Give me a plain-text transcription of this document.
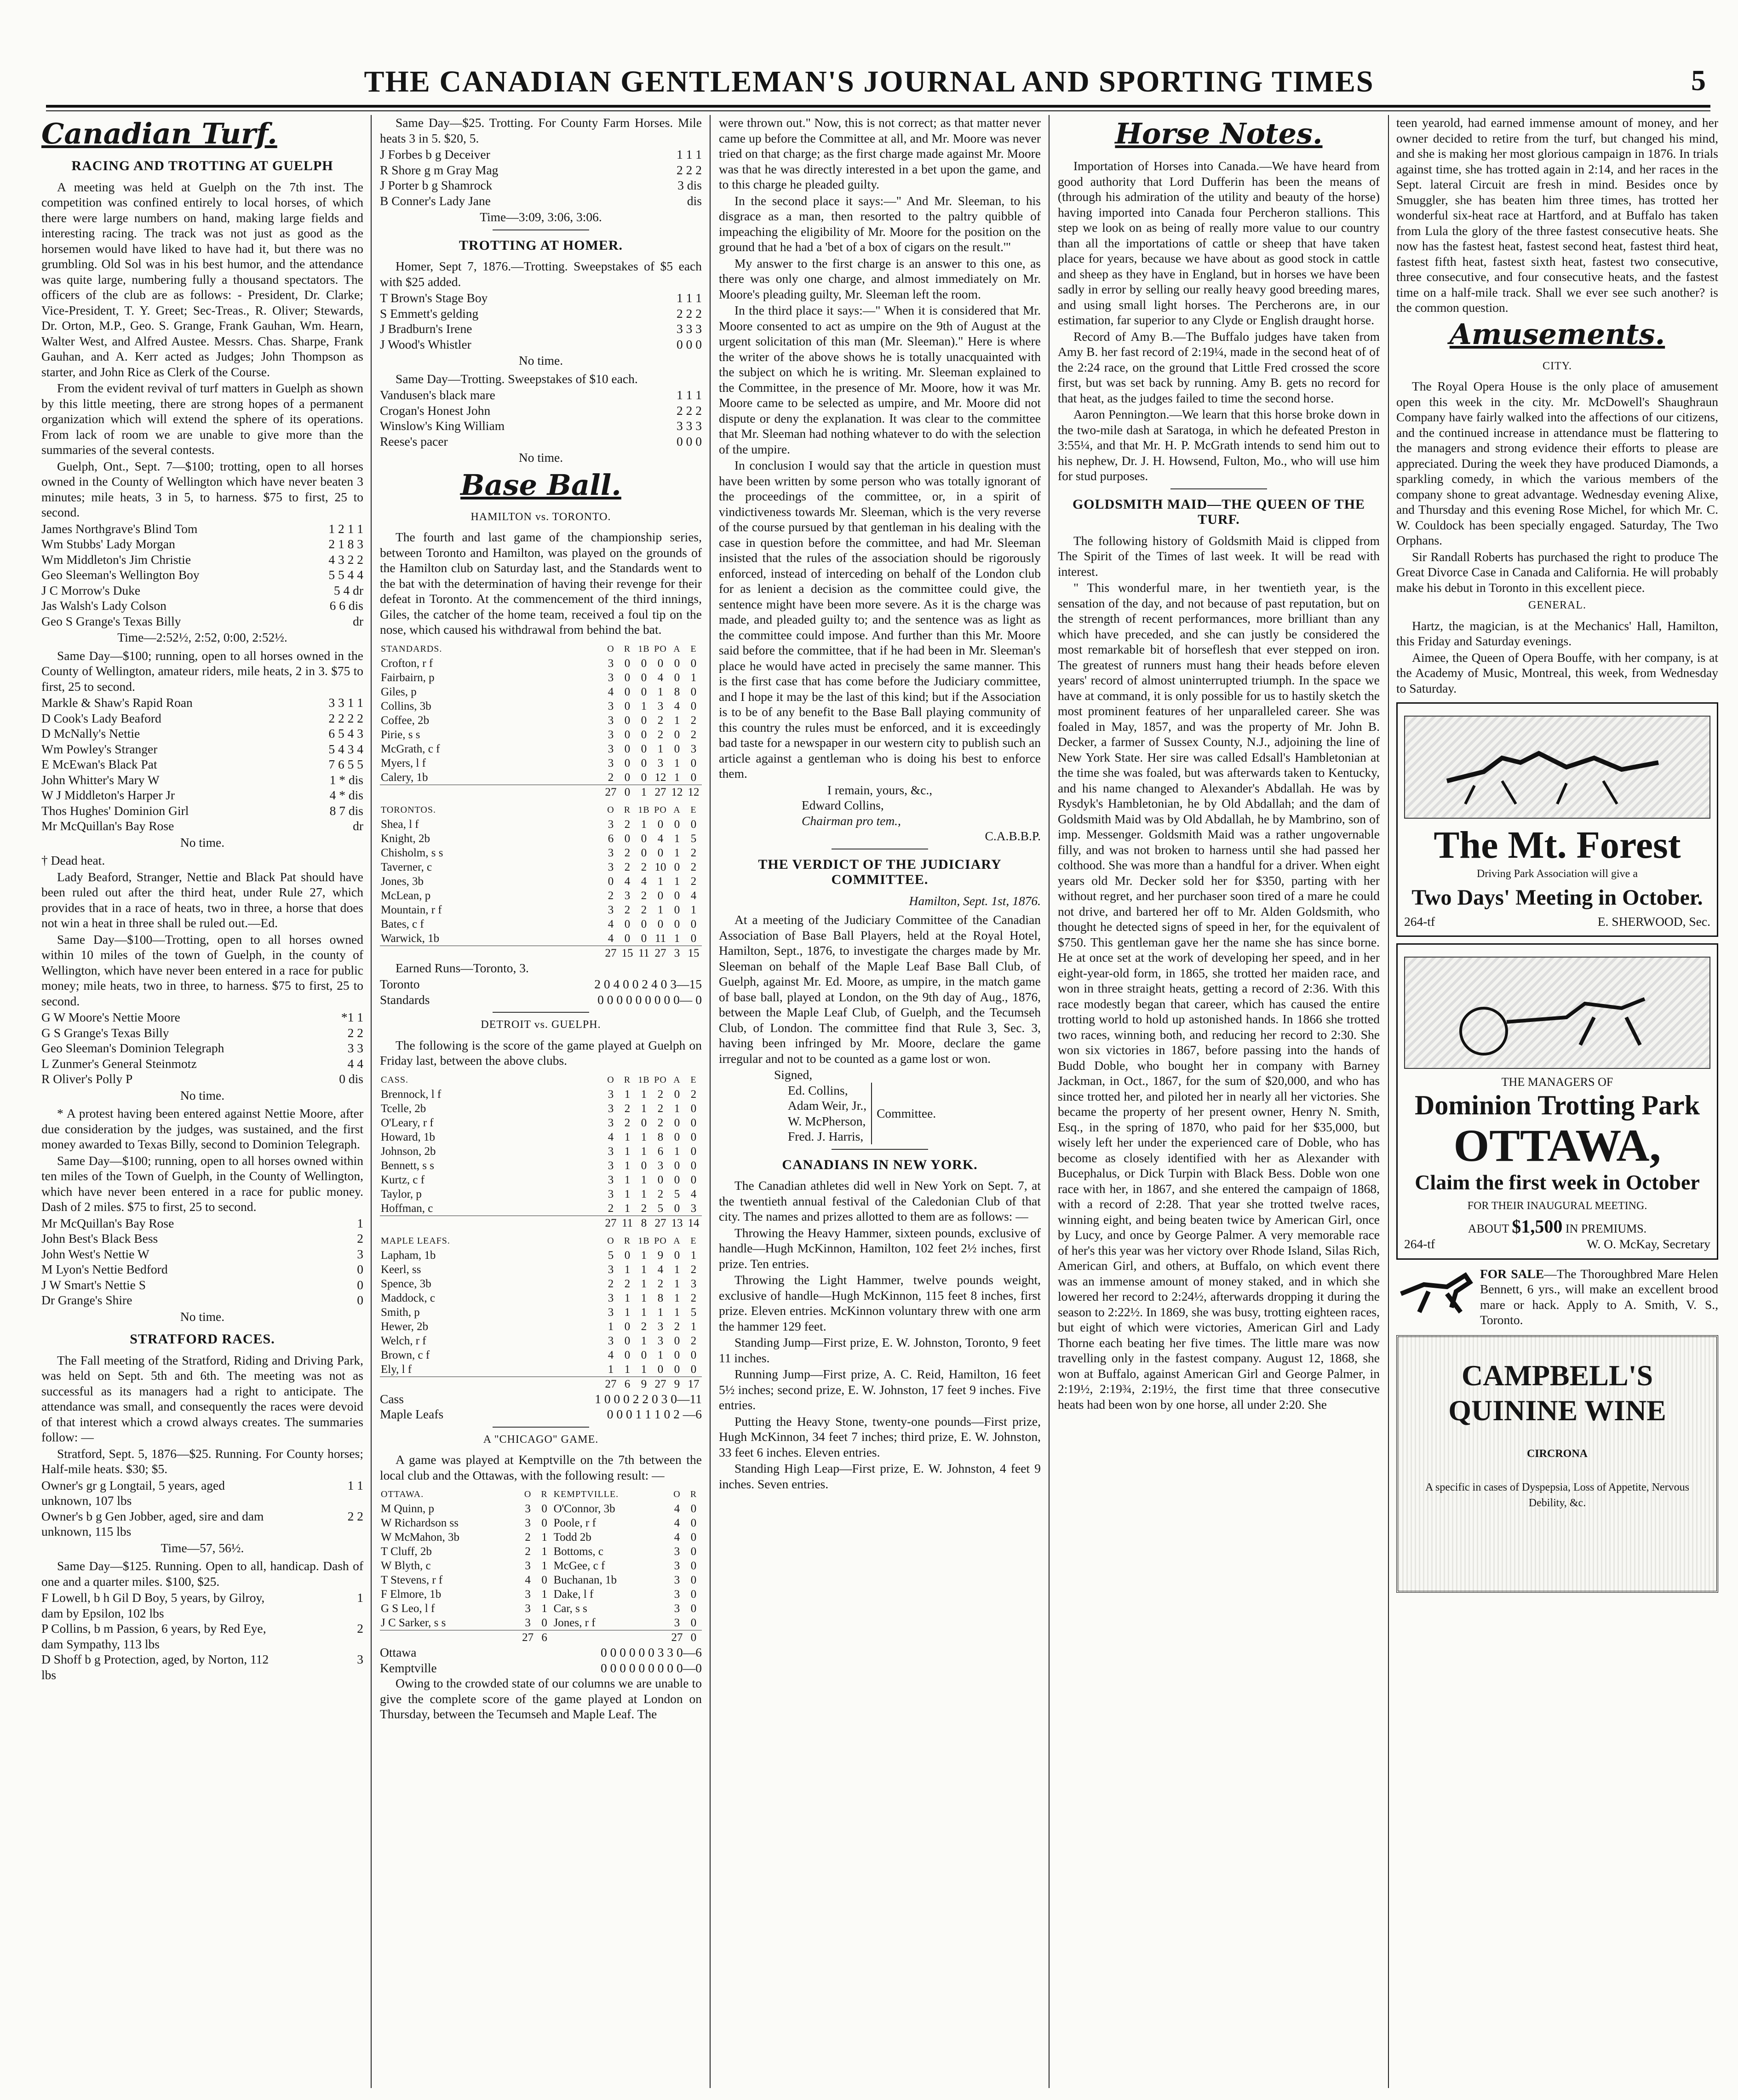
THE CANADIAN GENTLEMAN'S JOURNAL AND SPORTING TIMES	5
Canadian Turf.
RACING AND TROTTING AT GUELPH

A meeting was held at Guelph on the 7th inst. The competition was confined entirely to local horses, of which there were large numbers on hand, making large fields and interesting racing. The track was not just as good as the horsemen would have liked to have had it, but there was no grumbling. Old Sol was in his best humor, and the attendance was quite large, numbering fully a thousand spectators. The officers of the club are as follows: - President, Dr. Clarke; Vice-President, T. Y. Greet; Sec-Treas., R. Oliver; Stewards, Dr. Orton, M.P., Geo. S. Grange, Frank Gauhan, Wm. Hearn, Walter West, and Alfred Austee. Messrs. Chas. Sharpe, Frank Gauhan, and A. Kerr acted as Judges; John Thompson as starter, and John Rice as Clerk of the Course.

From the evident revival of turf matters in Guelph as shown by this little meeting, there are strong hopes of a permanent organization which will extend the sphere of its operations. From lack of room we are unable to give more than the summaries of the several contests.

Guelph, Ont., Sept. 7—$100; trotting, open to all horses owned in the County of Wellington which have never beaten 3 minutes; mile heats, 3 in 5, to harness. $75 to first, 25 to second.

James Northgrave's Blind Tom	1 2 1 1
Wm Stubbs' Lady Morgan	2 1 8 3
Wm Middleton's Jim Christie	4 3 2 2
Geo Sleeman's Wellington Boy	5 5 4 4
J C Morrow's Duke	5 4 dr
Jas Walsh's Lady Colson	6 6 dis
Geo S Grange's Texas Billy	dr
Time—2:52½, 2:52, 0:00, 2:52½.

Same Day—$100; running, open to all horses owned in the County of Wellington, amateur riders, mile heats, 2 in 3. $75 to first, 25 to second.

Markle & Shaw's Rapid Roan	3 3 1 1
D Cook's Lady Beaford	2 2 2 2
D McNally's Nettie	6 5 4 3
Wm Powley's Stranger	5 4 3 4
E McEwan's Black Pat	7 6 5 5
John Whitter's Mary W	1 * dis
W J Middleton's Harper Jr	4 * dis
Thos Hughes' Dominion Girl	8 7 dis
Mr McQuillan's Bay Rose	dr
No time.

† Dead heat.

Lady Beaford, Stranger, Nettie and Black Pat should have been ruled out after the third heat, under Rule 27, which provides that in a race of heats, two in three, a horse that does not win a heat in three shall be ruled out.—Ed.

Same Day—$100—Trotting, open to all horses owned within 10 miles of the town of Guelph, in the county of Wellington, which have never been entered in a race for public money; mile heats, two in three, to harness. $75 to first, 25 to second.

G W Moore's Nettie Moore	*1 1
G S Grange's Texas Billy	2 2
Geo Sleeman's Dominion Telegraph	3 3
L Zunmer's General Steinmotz	4 4
R Oliver's Polly P	0 dis
No time.

* A protest having been entered against Nettie Moore, after due consideration by the judges, was sustained, and the first money awarded to Texas Billy, second to Dominion Telegraph.

Same Day—$100; running, open to all horses owned within ten miles of the Town of Guelph, in the County of Wellington, which have never been entered in a race for public money. Dash of 2 miles. $75 to first, 25 to second.

Mr McQuillan's Bay Rose	1
John Best's Black Bess	2
John West's Nettie W	3
M Lyon's Nettie Bedford	0
J W Smart's Nettie S	0
Dr Grange's Shire	0
No time.
STRATFORD RACES.

The Fall meeting of the Stratford, Riding and Driving Park, was held on Sept. 5th and 6th. The meeting was not as successful as its managers had a right to anticipate. The attendance was small, and consequently the races were devoid of that interest which a crowd always creates. The summaries follow: —

Stratford, Sept. 5, 1876—$25. Running. For County horses; Half-mile heats. $30; $5.

Owner's gr g Longtail, 5 years, aged	1 1
unknown, 107 lbs
Owner's b g Gen Jobber, aged, sire and dam	2 2
unknown, 115 lbs
Time—57, 56½.

Same Day—$125. Running. Open to all, handicap. Dash of one and a quarter miles. $100, $25.

F Lowell, b h Gil D Boy, 5 years, by Gilroy,	1
dam by Epsilon, 102 lbs
P Collins, b m Passion, 6 years, by Red Eye,	2
dam Sympathy, 113 lbs
D Shoff b g Protection, aged, by Norton, 112	3
lbs

Same Day—$25. Trotting. For County Farm Horses. Mile heats 3 in 5. $20, 5.

J Forbes b g Deceiver	1 1 1
R Shore g m Gray Mag	2 2 2
J Porter b g Shamrock	3 dis
B Conner's Lady Jane	dis
Time—3:09, 3:06, 3:06.
TROTTING AT HOMER.

Homer, Sept 7, 1876.—Trotting. Sweepstakes of $5 each with $25 added.

T Brown's Stage Boy	1 1 1
S Emmett's gelding	2 2 2
J Bradburn's Irene	3 3 3
J Wood's Whistler	0 0 0
No time.

Same Day—Trotting. Sweepstakes of $10 each.

Vandusen's black mare	1 1 1
Crogan's Honest John	2 2 2
Winslow's King William	3 3 3
Reese's pacer	0 0 0
No time.
Base Ball.
HAMILTON vs. TORONTO.

The fourth and last game of the championship series, between Toronto and Hamilton, was played on the grounds of the Hamilton club on Saturday last, and the Standards went to the bat with the determination of having their revenge for their defeat in Toronto. At the commencement of the third innings, Giles, the catcher of the home team, received a foul tip on the nose, which caused his withdrawal from behind the bat.

STANDARDS.	O	R	1B	PO	A	E
Crofton, r f	3	0	0	0	0	0
Fairbairn, p	3	0	0	4	0	1
Giles, p	4	0	0	1	8	0
Collins, 3b	3	0	1	3	4	0
Coffee, 2b	3	0	0	2	1	2
Pirie, s s	3	0	0	2	0	2
McGrath, c f	3	0	0	1	0	3
Myers, l f	3	0	0	3	1	0
Calery, 1b	2	0	0	12	1	0
	27	0	1	27	12	12
TORONTOS.	O	R	1B	PO	A	E
Shea, l f	3	2	1	0	0	0
Knight, 2b	6	0	0	4	1	5
Chisholm, s s	3	2	0	0	1	2
Taverner, c	3	2	2	10	0	2
Jones, 3b	0	4	4	1	1	2
McLean, p	2	3	2	0	0	4
Mountain, r f	3	2	2	1	0	1
Bates, c f	4	0	0	0	0	0
Warwick, 1b	4	0	0	11	1	0
	27	15	11	27	3	15

Earned Runs—Toronto, 3.

Toronto	2 0 4 0 0 2 4 0 3—15
Standards	0 0 0 0 0 0 0 0 0— 0
DETROIT vs. GUELPH.

The following is the score of the game played at Guelph on Friday last, between the above clubs.

CASS.	O	R	1B	PO	A	E
Brennock, l f	3	1	1	2	0	2
Tcelle, 2b	3	2	1	2	1	0
O'Leary, r f	3	2	0	2	0	0
Howard, 1b	4	1	1	8	0	0
Johnson, 2b	3	1	1	6	1	0
Bennett, s s	3	1	0	3	0	0
Kurtz, c f	3	1	1	0	0	0
Taylor, p	3	1	1	2	5	4
Hoffman, c	2	1	2	5	0	3
	27	11	8	27	13	14
MAPLE LEAFS.	O	R	1B	PO	A	E
Lapham, 1b	5	0	1	9	0	1
Keerl, ss	3	1	1	4	1	2
Spence, 3b	2	2	1	2	1	3
Maddock, c	3	1	1	8	1	2
Smith, p	3	1	1	1	1	5
Hewer, 2b	1	0	2	3	2	1
Welch, r f	3	0	1	3	0	2
Brown, c f	4	0	0	1	0	0
Ely, l f	1	1	1	0	0	0
	27	6	9	27	9	17
Cass	1 0 0 0 2 2 0 3 0—11
Maple Leafs	0 0 0 1 1 1 0 2 —6
A "CHICAGO" GAME.

A game was played at Kemptville on the 7th between the local club and the Ottawas, with the following result: —

OTTAWA.	O	R	KEMPTVILLE.	O	R
M Quinn, p	3	0	O'Connor, 3b	4	0
W Richardson ss	3	0	Poole, r f	4	0
W McMahon, 3b	2	1	Todd 2b	4	0
T Cluff, 2b	2	1	Bottoms, c	3	0
W Blyth, c	3	1	McGee, c f	3	0
T Stevens, r f	4	0	Buchanan, 1b	3	0
F Elmore, 1b	3	1	Dake, l f	3	0
G S Leo, l f	3	1	Car, s s	3	0
J C Sarker, s s	3	0	Jones, r f	3	0
	27	6		27	0
Ottawa	0 0 0 0 0 0 3 3 0—6
Kemptville	0 0 0 0 0 0 0 0 0—0

Owing to the crowded state of our columns we are unable to give the complete score of the game played at London on Thursday, between the Tecumseh and Maple Leaf. The

were thrown out." Now, this is not correct; as that matter never came up before the Committee at all, and Mr. Moore was never tried on that charge; as the first charge made against Mr. Moore was that he was directly interested in a bet upon the game, and to this charge he pleaded guilty.

In the second place it says:—" And Mr. Sleeman, to his disgrace as a man, then resorted to the paltry quibble of impeaching the eligibility of Mr. Moore for the position on the ground that he had a 'bet of a box of cigars on the result.'"

My answer to the first charge is an answer to this one, as there was only one charge, and almost immediately on Mr. Moore's pleading guilty, Mr. Sleeman left the room.

In the third place it says:—" When it is considered that Mr. Moore consented to act as umpire on the 9th of August at the urgent solicitation of this man (Mr. Sleeman)." Here is where the writer of the above shows he is totally unacquainted with the subject on which he is writing. Mr. Sleeman explained to the Committee, in the presence of Mr. Moore, how it was Mr. Moore came to be selected as umpire, and Mr. Moore did not dispute or deny the explanation. It was clear to the committee that Mr. Sleeman had nothing whatever to do with the selection of the umpire.

In conclusion I would say that the article in question must have been written by some person who was totally ignorant of the proceedings of the committee, or, in a spirit of vindictiveness towards Mr. Sleeman, which is the very reverse of the course pursued by that gentleman in his dealing with the case in question before the committee, and had Mr. Sleeman insisted that the rules of the association should be rigorously enforced, instead of interceding on behalf of the London club for as lenient a decision as the committee could give, the sentence might have been more severe. As it is the charge was made, and pleaded guilty to; and the sentence was as light as the committee could impose. And further than this Mr. Moore said before the committee, that if he had been in Mr. Sleeman's place he would have acted in precisely the same manner. This is the first case that has come before the Judiciary committee, and I hope it may be the last of this kind; but if the Association is to be of any benefit to the Base Ball playing community of this country the rules must be enforced, and it is exceedingly bad taste for a newspaper in our western city to publish such an article against a gentleman who is doing his best to enforce them.

I remain, yours, &c.,
Edward Collins,
Chairman pro tem.,
C.A.B.B.P.
THE VERDICT OF THE JUDICIARY COMMITTEE.
Hamilton, Sept. 1st, 1876.

At a meeting of the Judiciary Committee of the Canadian Association of Base Ball Players, held at the Royal Hotel, Hamilton, Sept., 1876, to investigate the charges made by Mr. Sleeman on behalf of the Maple Leaf Base Ball Club, of Guelph, against Mr. Ed. Moore, as umpire, in the match game of base ball, played at London, on the 9th day of Aug., 1876, between the Maple Leaf Club, of Guelph, and the Tecumseh Club, of London. The committee find that Rule 3, Sec. 3, having been infringed by Mr. Moore, declare the game irregular and not to be counted as a game lost or won.

Signed,
Ed. Collins,
Adam Weir, Jr.,
W. McPherson,
Fred. J. Harris,
Committee.
CANADIANS IN NEW YORK.

The Canadian athletes did well in New York on Sept. 7, at the twentieth annual festival of the Caledonian Club of that city. The names and prizes allotted to them are as follows: —

Throwing the Heavy Hammer, sixteen pounds, exclusive of handle—Hugh McKinnon, Hamilton, 102 feet 2½ inches, first prize. Ten entries.

Throwing the Light Hammer, twelve pounds weight, exclusive of handle—Hugh McKinnon, 115 feet 8 inches, first prize. Eleven entries. McKinnon voluntary threw with one arm the hammer 129 feet.

Standing Jump—First prize, E. W. Johnston, Toronto, 9 feet 11 inches.

Running Jump—First prize, A. C. Reid, Hamilton, 16 feet 5½ inches; second prize, E. W. Johnston, 17 feet 9 inches. Five entries.

Putting the Heavy Stone, twenty-one pounds—First prize, Hugh McKinnon, 34 feet 7 inches; third prize, E. W. Johnston, 33 feet 6 inches. Eleven entries.

Standing High Leap—First prize, E. W. Johnston, 4 feet 9 inches. Seven entries.

Horse Notes.

Importation of Horses into Canada.—We have heard from good authority that Lord Dufferin has been the means of (through his admiration of the utility and beauty of the horse) having imported into Canada four Percheron stallions. This step we look on as being of really more value to our country than all the importations of cattle or sheep that have taken place for years, because we have about as good stock in cattle and sheep as they have in England, but in horses we have been sadly in error by selling our really heavy good breeding mares, and using small light horses. The Percherons are, in our estimation, far superior to any Clyde or English draught horse.

Record of Amy B.—The Buffalo judges have taken from Amy B. her fast record of 2:19¼, made in the second heat of of the 2:24 race, on the ground that Little Fred crossed the score first, but was set back by running. Amy B. gets no record for that heat, as the judges failed to time the second horse.

Aaron Pennington.—We learn that this horse broke down in the two-mile dash at Saratoga, in which he defeated Preston in 3:55¼, and that Mr. H. P. McGrath intends to send him out to his nephew, Dr. J. H. Howsend, Fulton, Mo., who will use him for stud purposes.

GOLDSMITH MAID—THE QUEEN OF THE TURF.

The following history of Goldsmith Maid is clipped from The Spirit of the Times of last week. It will be read with interest.

" This wonderful mare, in her twentieth year, is the sensation of the day, and not because of past reputation, but on the strength of recent performances, more brilliant than any which have preceded, and she can justly be considered the most remarkable bit of horseflesh that ever stepped on iron. The greatest of runners must hang their heads before eleven years' record of almost uninterrupted triumph. In the space we have at command, it is only possible for us to hastily sketch the most prominent features of her unparalleled career. She was foaled in May, 1857, and was the property of Mr. John B. Decker, a farmer of Sussex County, N.J., adjoining the line of New York State. Her sire was called Edsall's Hambletonian at the time she was foaled, but was afterwards taken to Kentucky, and his name changed to Alexander's Abdallah. He was by Rysdyk's Hambletonian, he by Old Abdallah; and the dam of Goldsmith Maid was by Old Abdallah, he by Mambrino, son of imp. Messenger. Goldsmith Maid was a rather ungovernable filly, and was not broken to harness until she had passed her colthood. She was more than a handful for a driver. When eight years old Mr. Decker sold her for $350, parting with her without regret, and her purchaser soon tired of a mare he could not drive, and bartered her off to Mr. Alden Goldsmith, who thought he detected signs of speed in her, for the equivalent of $750. This gentleman gave her the name she has since borne. He at once set at the work of developing her speed, and in her eight-year-old form, in 1865, she trotted her maiden race, and won in three straight heats, getting a record of 2:36. With this race modestly began that career, which has caused the entire trotting world to hold up astonished hands. In 1866 she trotted two races, winning both, and reducing her record to 2:30. She won six victories in 1867, before passing into the hands of Budd Doble, who bought her in company with Barney Jackman, in Oct., 1867, for the sum of $20,000, and who has since trotted her, and piloted her in nearly all her victories. She became the property of her present owner, Henry N. Smith, Esq., in the spring of 1870, who paid for her $35,000, but wisely left her under the experienced care of Doble, who has become as closely identified with her as Alexander with Bucephalus, or Dick Turpin with Black Bess. Doble won one race with her, in 1867, and she entered the campaign of 1868, with a record of 2:28. That year she trotted twelve races, winning eight, and being beaten twice by American Girl, once by Lucy, and once by George Palmer. A very memorable race of her's this year was her victory over Rhode Island, Silas Rich, American Girl, and others, at Buffalo, on which event there was an immense amount of money staked, and in which she lowered her record to 2:24½, afterwards dropping it during the season to 2:22½. In 1869, she was busy, trotting eighteen races, but eight of which were victories, American Girl and Lady Thorne each beating her five times. The little mare was now travelling only in the fastest company. August 12, 1868, she won at Buffalo, against American Girl and George Palmer, in 2:19½, 2:19¾, 2:19½, the first time that three consecutive heats had been won by one horse, all under 2:20. She

teen yearold, had earned immense amount of money, and her owner decided to retire from the turf, but changed his mind, and she is making her most glorious campaign in 1876. In trials against time, she has trotted again in 2:14, and her races in the Sept. lateral Circuit are fresh in mind. Besides once by Smuggler, she has beaten him three times, has trotted her wonderful six-heat race at Hartford, and at Buffalo has taken from Lula the glory of the three fastest consecutive heats. She now has the fastest heat, fastest second heat, fastest third heat, fastest fifth heat, fastest sixth heat, fastest two consecutive, three consecutive, and four consecutive heats, and the fastest time on a half-mile track. Shall we ever see such another? is the common question.

Amusements.
CITY.

The Royal Opera House is the only place of amusement open this week in the city. Mr. McDowell's Shaughraun Company have fairly walked into the affections of our citizens, and the continued increase in attendance must be flattering to the managers and strong evidence their efforts to please are appreciated. During the week they have produced Diamonds, a sparkling comedy, in which the various members of the company shone to great advantage. Wednesday evening Alixe, and Thursday and this evening Rose Michel, for which Mr. C. W. Couldock has been specially engaged. Saturday, The Two Orphans.

Sir Randall Roberts has purchased the right to produce The Great Divorce Case in Canada and California. He will probably make his debut in Toronto in this excellent piece.

GENERAL.

Hartz, the magician, is at the Mechanics' Hall, Hamilton, this Friday and Saturday evenings.

Aimee, the Queen of Opera Bouffe, with her company, is at the Academy of Music, Montreal, this week, from Wednesday to Saturday.

The Mt. Forest
Driving Park Association will give a
Two Days' Meeting in October.
264-tf	E. SHERWOOD, Sec.
THE MANAGERS OF
Dominion Trotting Park
OTTAWA,
Claim the first week in October
FOR THEIR INAUGURAL MEETING.
ABOUT $1,500 IN PREMIUMS.
264-tf	W. O. McKay, Secretary

FOR SALE—The Thoroughbred Mare Helen Bennett, 6 yrs., will make an excellent brood mare or hack. Apply to A. Smith, V. S., Toronto.

CAMPBELL'S QUININE WINE
CIRCRONA
A specific in cases of Dyspepsia, Loss of Appetite, Nervous Debility, &c.
